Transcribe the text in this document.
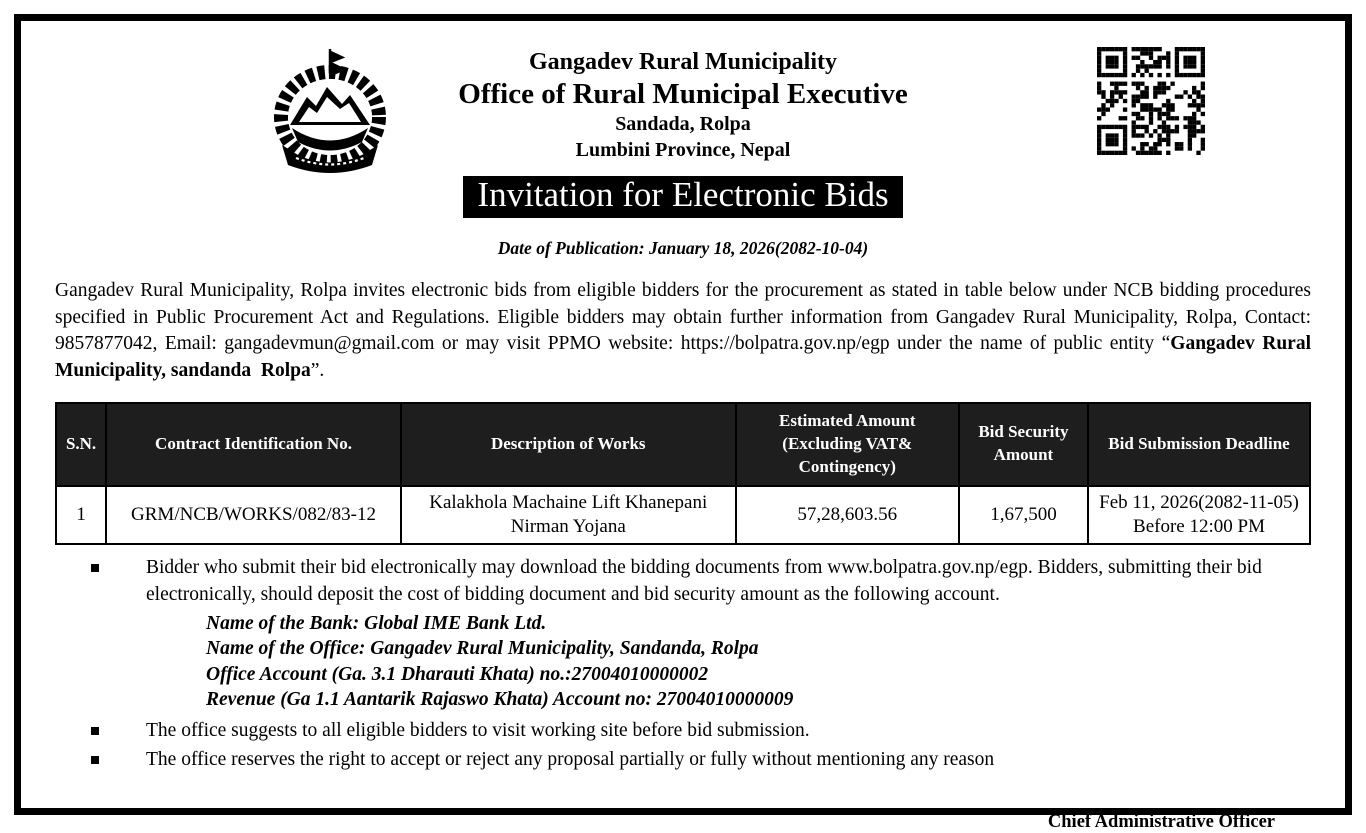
Gangadev Rural Municipality
Office of Rural Municipal Executive
Sandada, Rolpa
Lumbini Province, Nepal
Invitation for Electronic Bids
Date of Publication: January 18, 2026(2082-10-04)

Gangadev Rural Municipality, Rolpa invites electronic bids from eligible bidders for the procurement as stated in table below under NCB bidding procedures specified in Public Procurement Act and Regulations. Eligible bidders may obtain further information from Gangadev Rural Municipality, Rolpa, Contact: 9857877042, Email: gangadevmun@gmail.com or may visit PPMO website: https://bolpatra.gov.np/egp under the name of public entity “Gangadev Rural Municipality, sandanda  Rolpa”.

S.N.	Contract Identification No.	Description of Works	Estimated Amount (Excluding VAT& Contingency)	Bid Security Amount	Bid Submission Deadline
1	GRM/NCB/WORKS/082/83-12	Kalakhola Machaine Lift Khanepani Nirman Yojana	57,28,603.56	1,67,500	Feb 11, 2026(2082-11-05) Before 12:00 PM
Bidder who submit their bid electronically may download the bidding documents from www.bolpatra.gov.np/egp. Bidders, submitting their bid electronically, should deposit the cost of bidding document and bid security amount as the following account.
Name of the Bank: Global IME Bank Ltd.
Name of the Office: Gangadev Rural Municipality, Sandanda, Rolpa
Office Account (Ga. 3.1 Dharauti Khata) no.:27004010000002
Revenue (Ga 1.1 Aantarik Rajaswo Khata) Account no: 27004010000009
The office suggests to all eligible bidders to visit working site before bid submission.
The office reserves the right to accept or reject any proposal partially or fully without mentioning any reason
Chief Administrative Officer
